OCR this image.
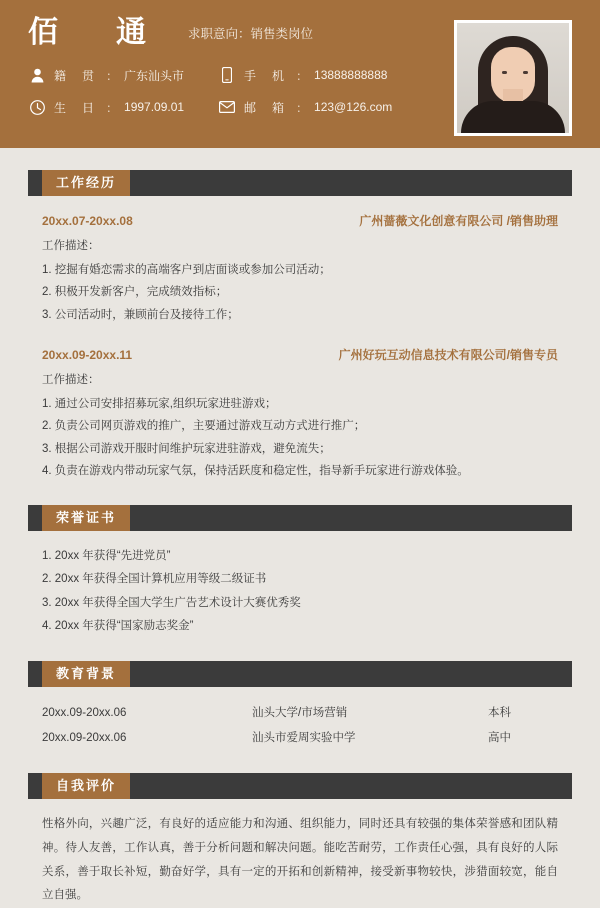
佰　通	求职意向：销售类岗位
籍　贯 ： 广东汕头市	手　机 ： 13888888888
生　日 ： 1997.09.01	邮　箱 ： 123@126.com
工作经历
20xx.07-20xx.08	广州蔷薇文化创意有限公司 /销售助理
工作描述：
1. 挖掘有婚恋需求的高端客户到店面谈或参加公司活动；
2. 积极开发新客户，完成绩效指标；
3. 公司活动时，兼顾前台及接待工作；
20xx.09-20xx.11	广州好玩互动信息技术有限公司/销售专员
工作描述：
1. 通过公司安排招募玩家,组织玩家进驻游戏；
2. 负责公司网页游戏的推广，主要通过游戏互动方式进行推广；
3. 根据公司游戏开服时间维护玩家进驻游戏，避免流失；
4. 负责在游戏内带动玩家气氛，保持活跃度和稳定性，指导新手玩家进行游戏体验。
荣誉证书
1. 20xx 年获得“先进党员”
2. 20xx 年获得全国计算机应用等级二级证书
3. 20xx 年获得全国大学生广告艺术设计大赛优秀奖
4. 20xx 年获得“国家励志奖金”
教育背景
20xx.09-20xx.06	汕头大学/市场营销	本科
20xx.09-20xx.06	汕头市爱周实验中学	高中
自我评价
性格外向，兴趣广泛，有良好的适应能力和沟通、组织能力，同时还具有较强的集体荣誉感和团队精神。待人友善，工作认真，善于分析问题和解决问题。能吃苦耐劳，工作责任心强，具有良好的人际关系，善于取长补短，勤奋好学，具有一定的开拓和创新精神，接受新事物较快，涉猎面较宽，能自立自强。
